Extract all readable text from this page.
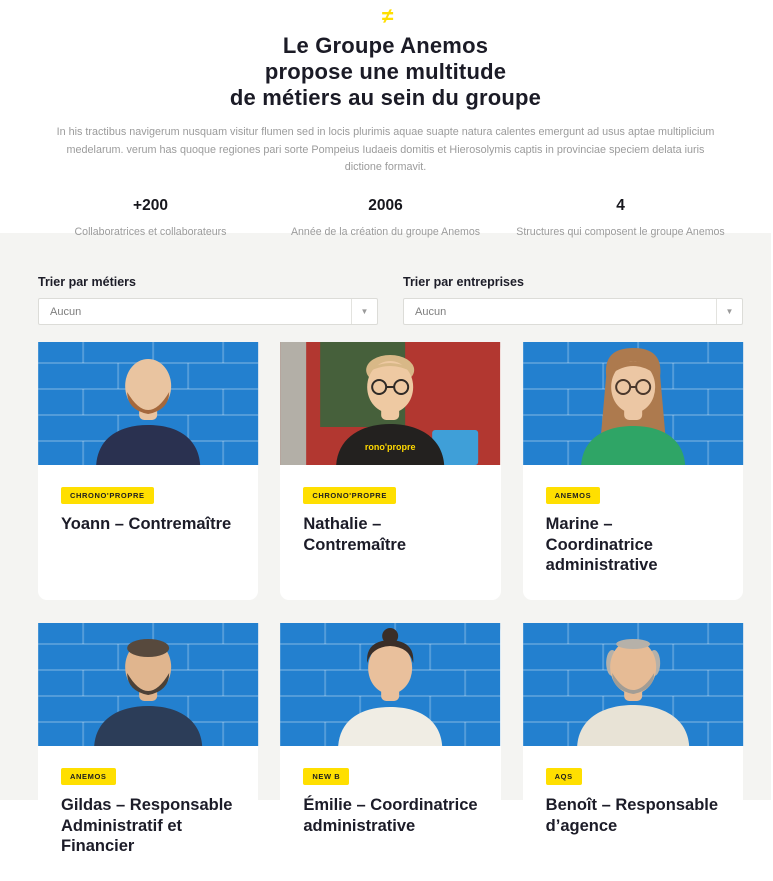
≠
Le Groupe Anemos
propose une multitude
de métiers au sein du groupe

In his tractibus navigerum nusquam visitur flumen sed in locis plurimis aquae suapte natura calentes emergunt ad usus aptae multiplicium medelarum. verum has quoque regiones pari sorte Pompeius Iudaeis domitis et Hierosolymis captis in provinciae speciem delata iuris dictione formavit.

+200
Collaboratrices et collaborateurs
2006
Année de la création du groupe Anemos
4
Structures qui composent le groupe Anemos
Trier par métiers
Aucun	▼
Trier par entreprises
Aucun	▼
CHRONO'PROPRE
Yoann – Contremaître
rono'propre
CHRONO'PROPRE
Nathalie – Contremaître
ANEMOS
Marine – Coordinatrice administrative
ANEMOS
Gildas – Responsable Administratif et Financier
NEW B
Émilie – Coordinatrice administrative
AQS
Benoît – Responsable d’agence
